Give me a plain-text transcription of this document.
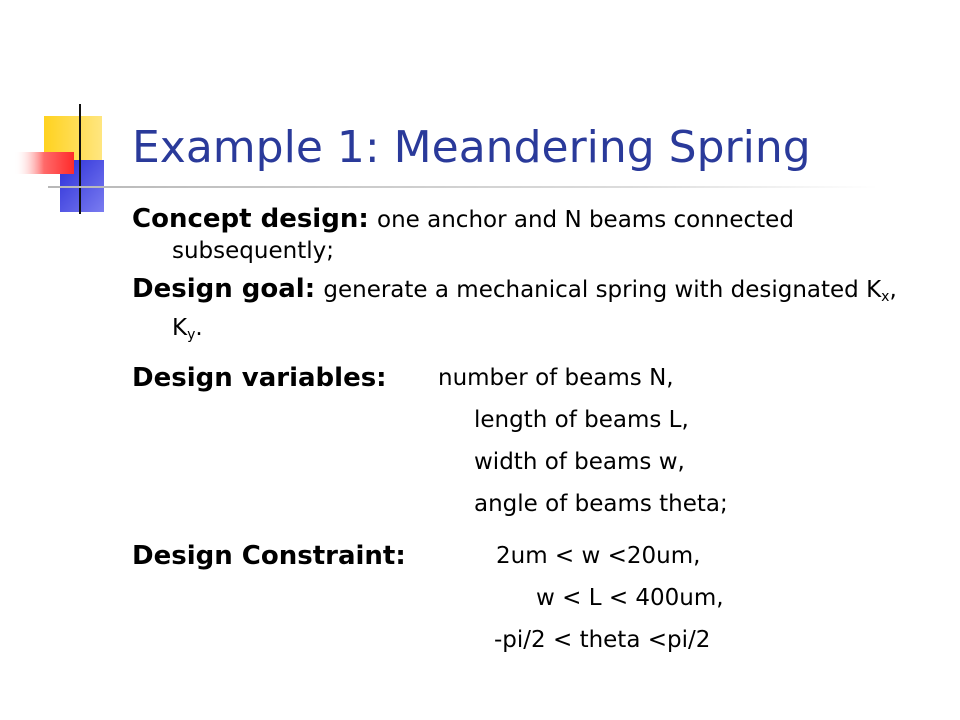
Example 1: Meandering Spring

Concept design: one anchor and N beams connected subsequently;

Design goal: generate a mechanical spring with designated $K_x$, $K_y$.

Design variables: number of beams N,
length of beams L,
width of beams w,
angle of beams theta;
Design Constraint:	2um < w <20um,
w < L < 400um,
-pi/2 < theta <pi/2
